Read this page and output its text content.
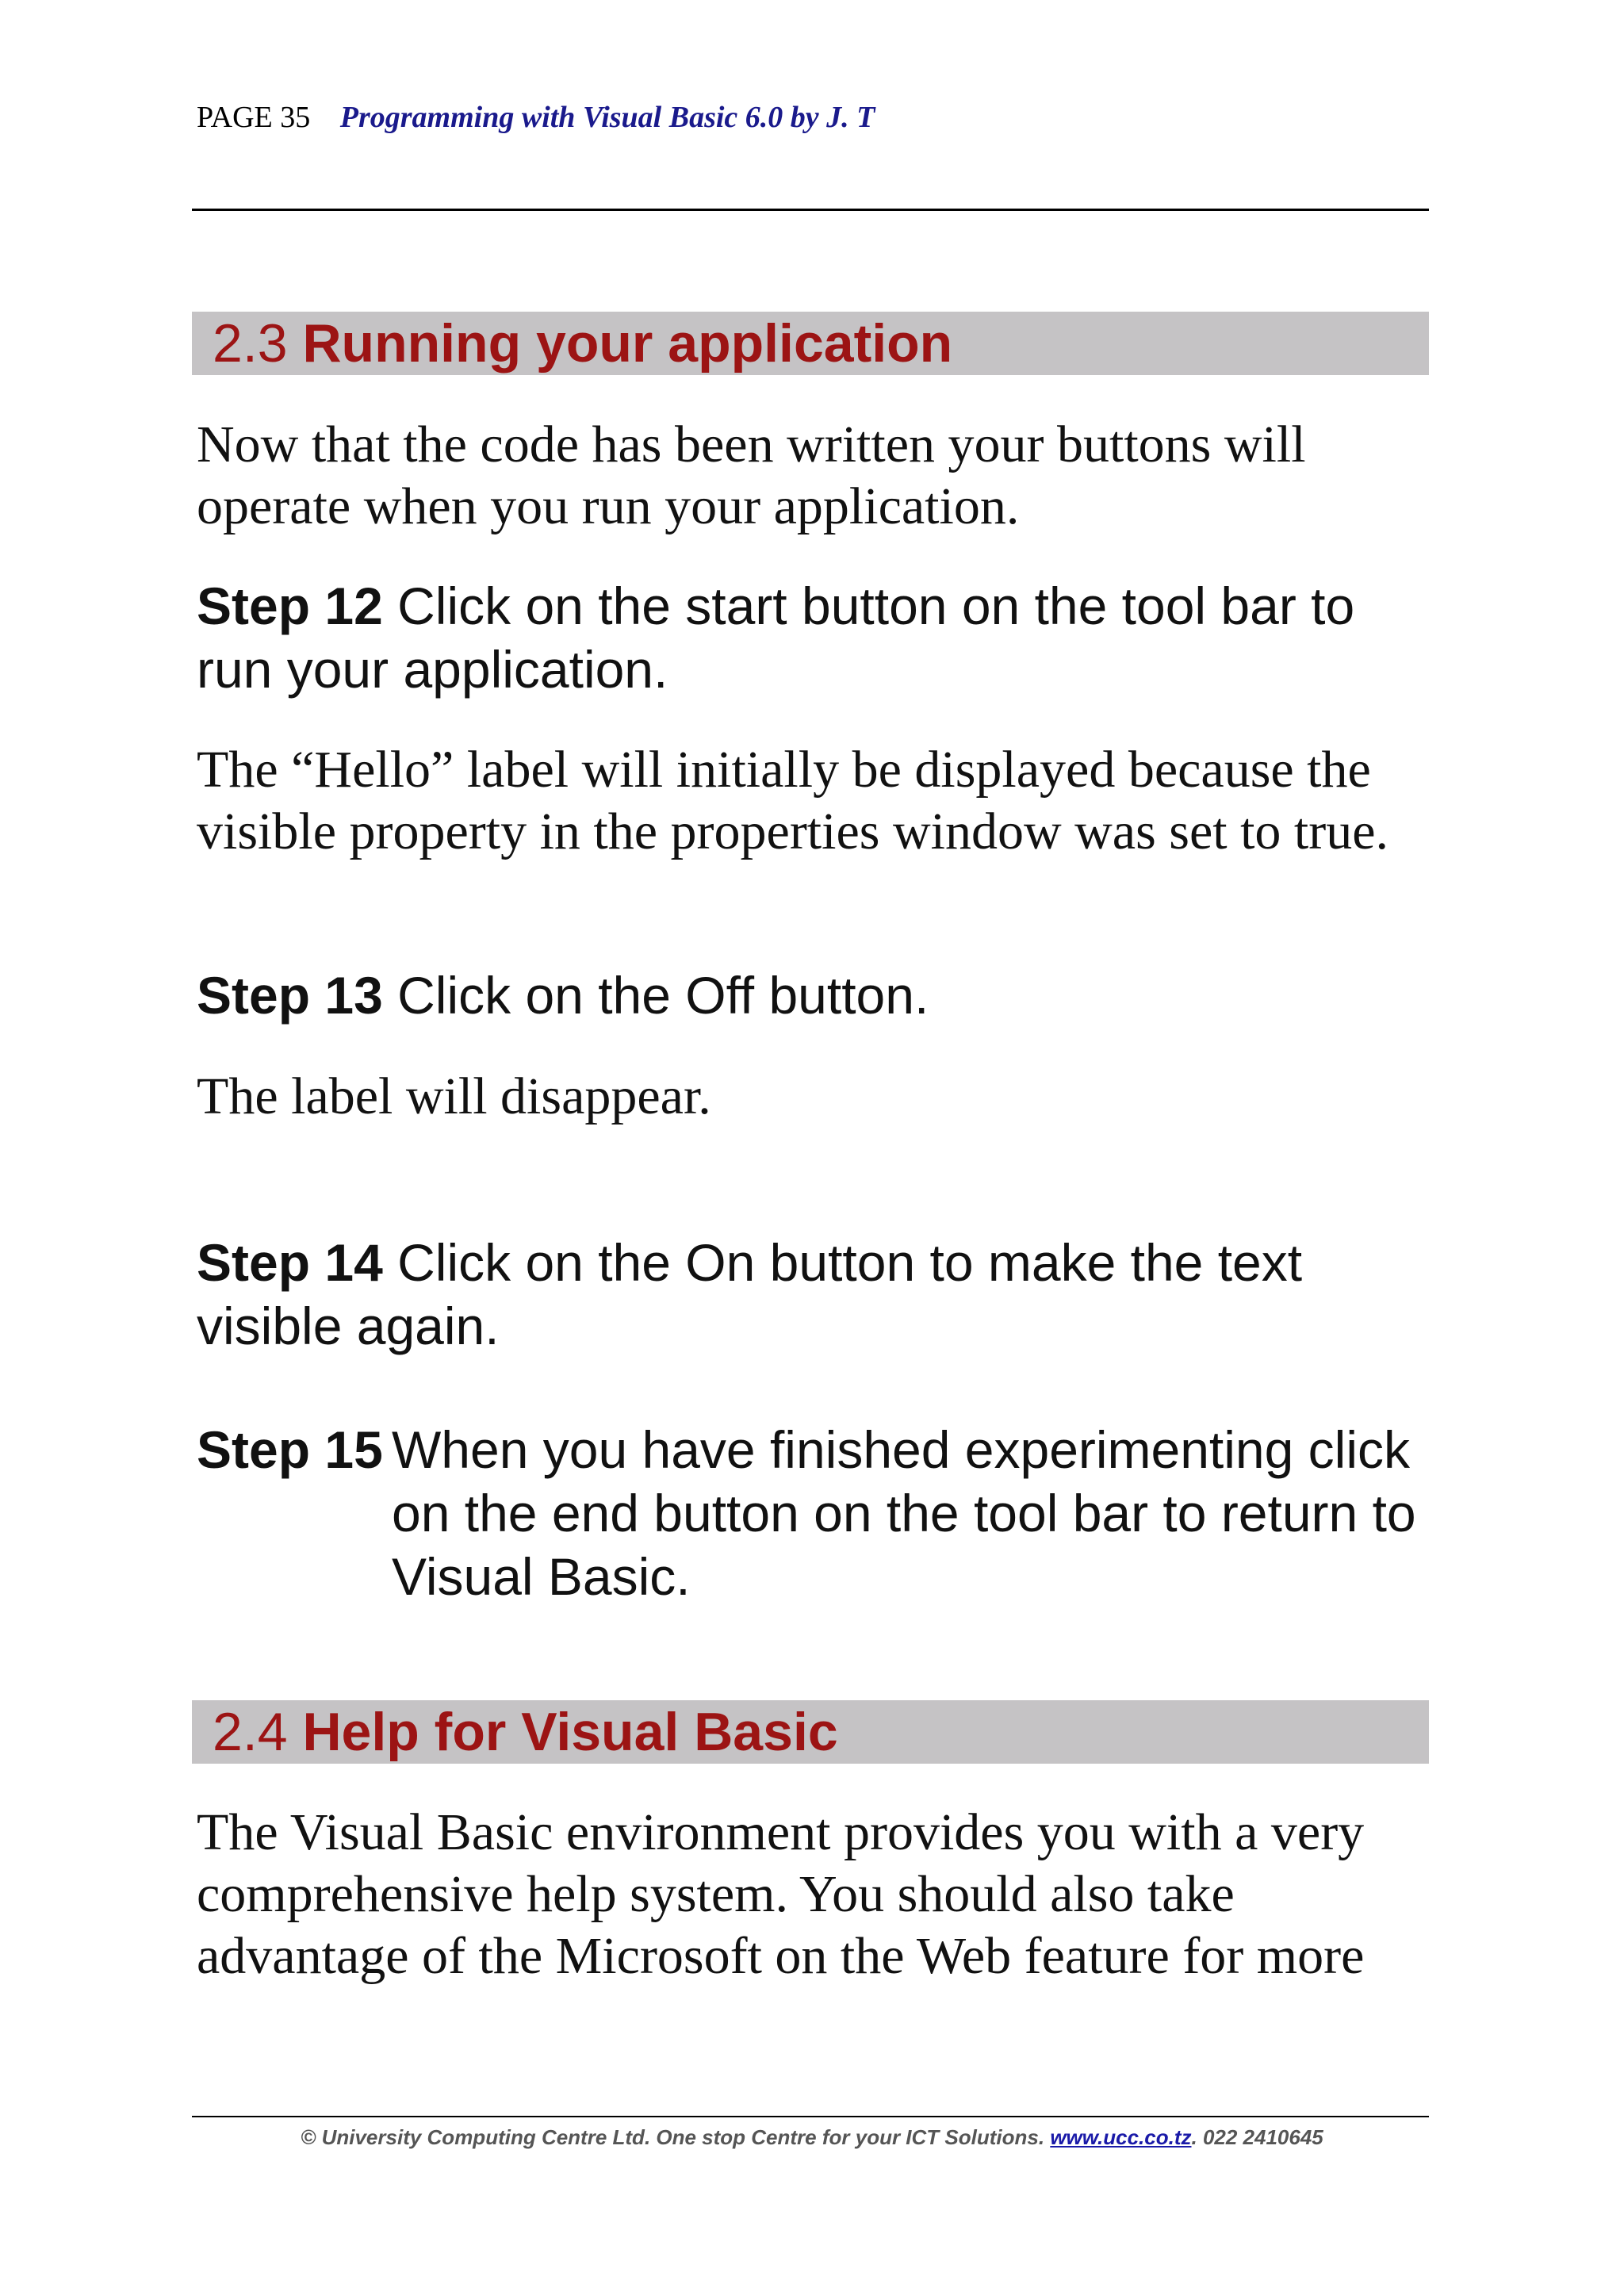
PAGE 35 Programming with Visual Basic 6.0 by J. T
2.3 Running your application
Now that the code has been written your buttons will operate when you run your application.
Step 12 Click on the start button on the tool bar to run your application.
The “Hello” label will initially be displayed because the visible property in the properties window was set to true.
Step 13 Click on the Off button.
The label will disappear.
Step 14 Click on the On button to make the text visible again.
Step 15 When you have finished experimenting click on the end button on the tool bar to return to Visual Basic.
2.4 Help for Visual Basic
The Visual Basic environment provides you with a very comprehensive help system. You should also take advantage of the Microsoft on the Web feature for more
© University Computing Centre Ltd. One stop Centre for your ICT Solutions. www.ucc.co.tz. 022 2410645
